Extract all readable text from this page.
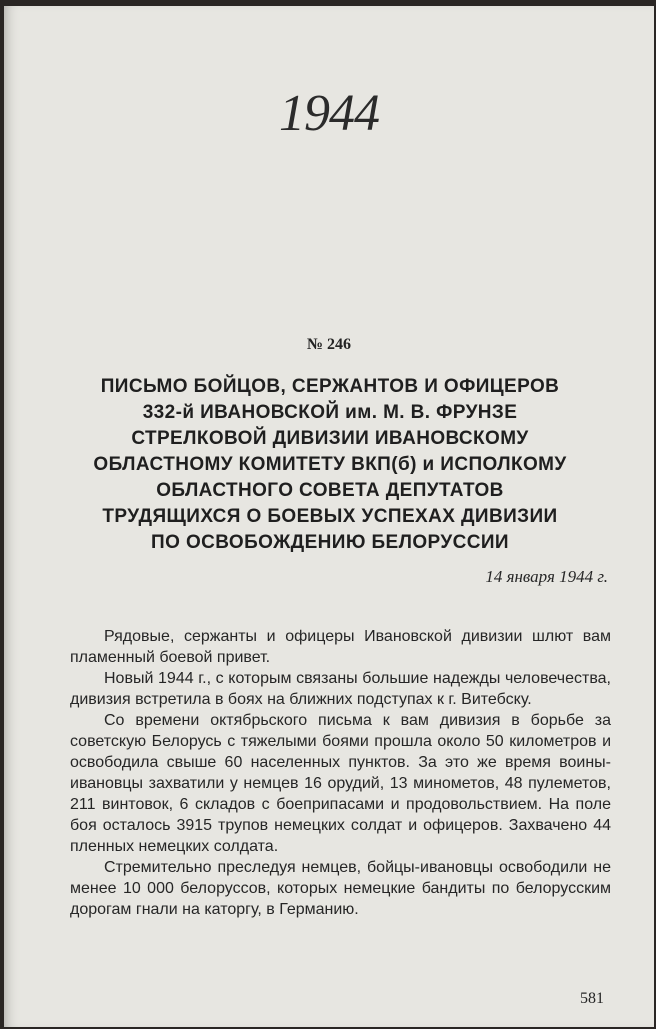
1944
№ 246
ПИСЬМО БОЙЦОВ, СЕРЖАНТОВ И ОФИЦЕРОВ
332-й ИВАНОВСКОЙ им. М. В. ФРУНЗЕ
СТРЕЛКОВОЙ ДИВИЗИИ ИВАНОВСКОМУ
ОБЛАСТНОМУ КОМИТЕТУ ВКП(б) и ИСПОЛКОМУ
ОБЛАСТНОГО СОВЕТА ДЕПУТАТОВ
ТРУДЯЩИХСЯ О БОЕВЫХ УСПЕХАХ ДИВИЗИИ
ПО ОСВОБОЖДЕНИЮ БЕЛОРУССИИ
14 января 1944 г.

Рядовые, сержанты и офицеры Ивановской дивизии шлют вам пламенный боевой привет.

Новый 1944 г., с которым связаны большие надежды человечества, дивизия встретила в боях на ближних подступах к г. Витебску.

Со времени октябрьского письма к вам дивизия в борьбе за советскую Белорусь с тяжелыми боями прошла около 50 километров и освободила свыше 60 населенных пунктов. За это же время воины-ивановцы захватили у немцев 16 орудий, 13 минометов, 48 пулеметов, 211 винтовок, 6 складов с боеприпасами и продовольствием. На поле боя осталось 3915 трупов немецких солдат и офицеров. Захвачено 44 пленных немецких солдата.

Стремительно преследуя немцев, бойцы-ивановцы освободили не менее 10 000 белоруссов, которых немецкие бандиты по белорусским дорогам гнали на каторгу, в Германию.

581
